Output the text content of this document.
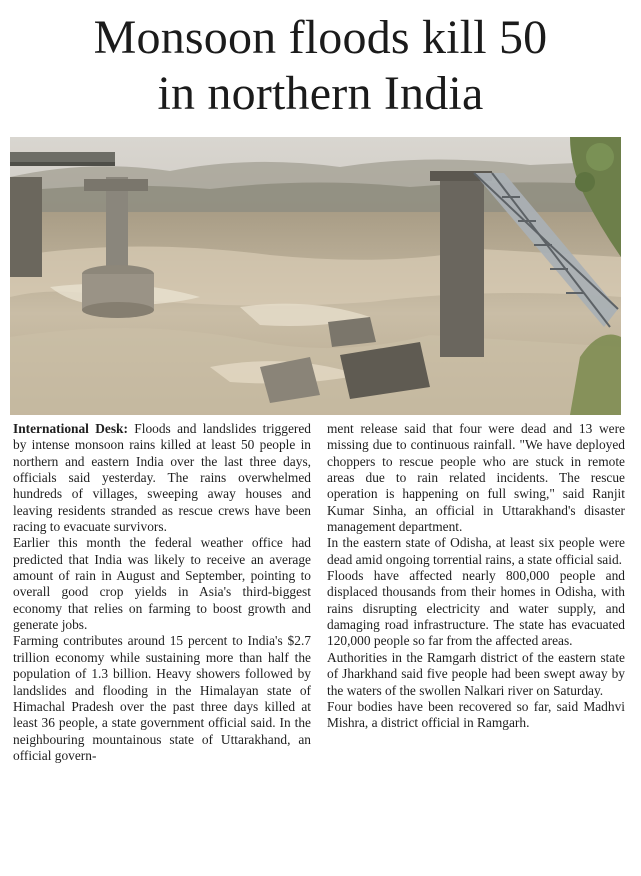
Monsoon floods kill 50
in northern India

International Desk: Floods and landslides triggered by intense monsoon rains killed at least 50 people in northern and eastern India over the last three days, officials said yesterday. The rains overwhelmed hundreds of villages, sweeping away houses and leaving residents stranded as rescue crews have been racing to evacuate survivors.

Earlier this month the federal weather office had predicted that India was likely to receive an average amount of rain in August and September, pointing to overall good crop yields in Asia's third-biggest economy that relies on farming to boost growth and generate jobs.

Farming contributes around 15 percent to India's $2.7 trillion economy while sustaining more than half the population of 1.3 billion. Heavy showers followed by landslides and flooding in the Himalayan state of Himachal Pradesh over the past three days killed at least 36 people, a state government official said. In the neighbouring mountainous state of Uttarakhand, an official govern-

ment release said that four were dead and 13 were missing due to continuous rainfall. "We have deployed choppers to rescue people who are stuck in remote areas due to rain related incidents. The rescue operation is happening on full swing," said Ranjit Kumar Sinha, an official in Uttarakhand's disaster management department.

In the eastern state of Odisha, at least six people were dead amid ongoing torrential rains, a state official said.

Floods have affected nearly 800,000 people and displaced thousands from their homes in Odisha, with rains disrupting electricity and water supply, and damaging road infrastructure. The state has evacuated 120,000 people so far from the affected areas.

Authorities in the Ramgarh district of the eastern state of Jharkhand said five people had been swept away by the waters of the swollen Nalkari river on Saturday.

Four bodies have been recovered so far, said Madhvi Mishra, a district official in Ramgarh.
